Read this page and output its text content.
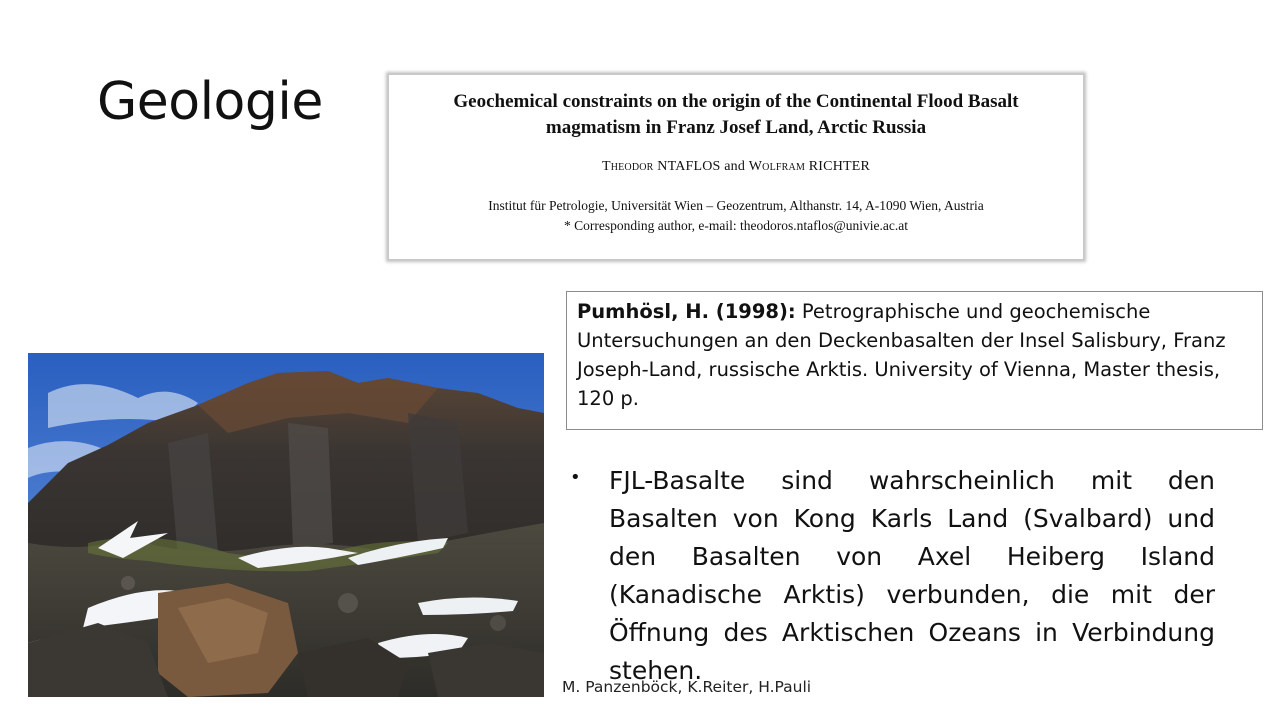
Geologie	Geochemical constraints on the origin of the Continental Flood Basalt
magmatism in Franz Josef Land, Arctic Russia
Theodor NTAFLOS and Wolfram RICHTER
Institut für Petrologie, Universität Wien – Geozentrum, Althanstr. 14, A-1090 Wien, Austria
* Corresponding author, e-mail: theodoros.ntaflos@univie.ac.at
Pumhösl, H. (1998): Petrographische und geochemische Untersuchungen an den Deckenbasalten der Insel Salisbury, Franz Joseph-Land, russische Arktis. University of Vienna, Master thesis, 120 p.
• FJL-Basalte sind wahrscheinlich mit den Basalten von Kong Karls Land (Svalbard) und den Basalten von Axel Heiberg Island (Kanadische Arktis) verbunden, die mit der Öffnung des Arktischen Ozeans in Verbindung stehen.
M. Panzenböck, K.Reiter, H.Pauli
